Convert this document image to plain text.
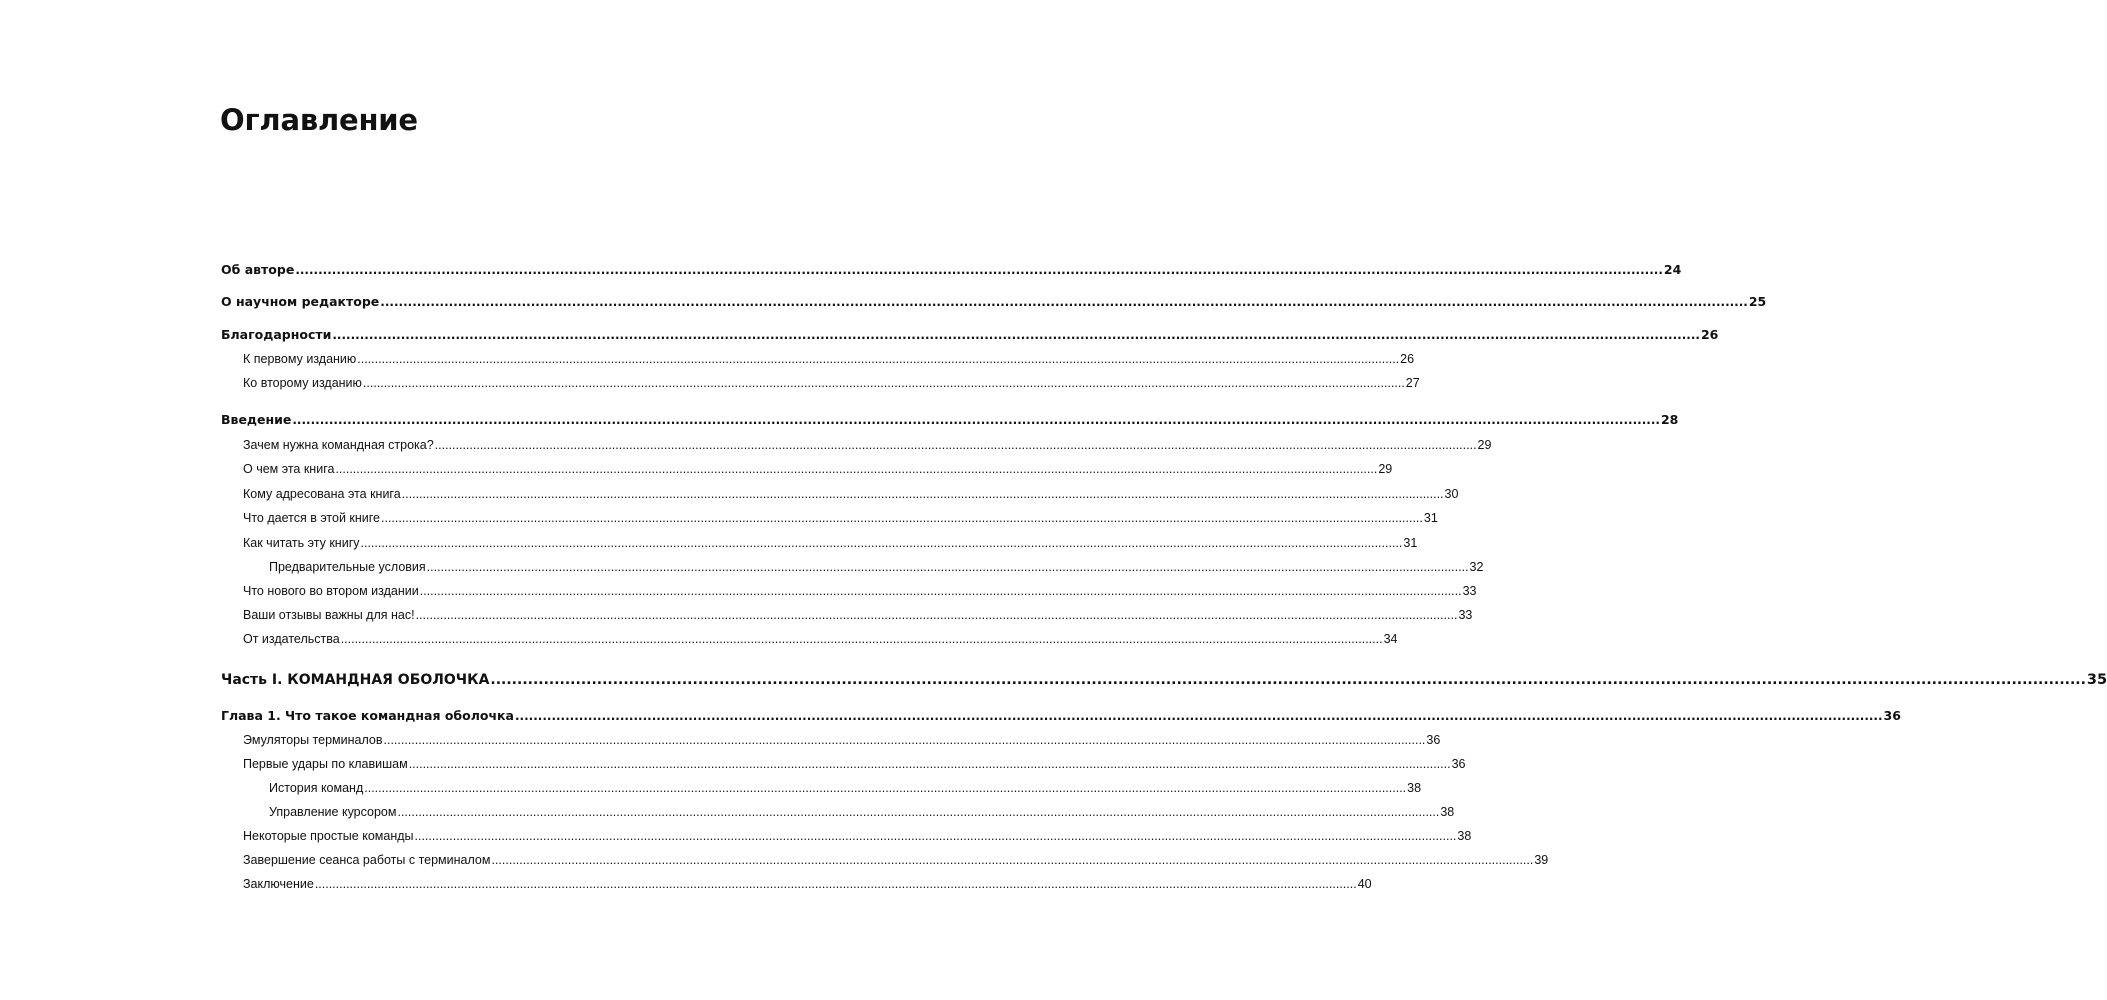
Оглавление
Об авторе ............................................................................................................................................................................................................................................................................................................ 24
О научном редакторе ............................................................................................................................................................................................................................................................................................................ 25
Благодарности ............................................................................................................................................................................................................................................................................................................ 26
К первому изданию ............................................................................................................................................................................................................................................................................................................ 26
Ко второму изданию ............................................................................................................................................................................................................................................................................................................ 27
Введение ............................................................................................................................................................................................................................................................................................................ 28
Зачем нужна командная строка? ............................................................................................................................................................................................................................................................................................................ 29
О чем эта книга ............................................................................................................................................................................................................................................................................................................ 29
Кому адресована эта книга ............................................................................................................................................................................................................................................................................................................ 30
Что дается в этой книге ............................................................................................................................................................................................................................................................................................................ 31
Как читать эту книгу ............................................................................................................................................................................................................................................................................................................ 31
Предварительные условия ............................................................................................................................................................................................................................................................................................................ 32
Что нового во втором издании ............................................................................................................................................................................................................................................................................................................ 33
Ваши отзывы важны для нас! ............................................................................................................................................................................................................................................................................................................ 33
От издательства ............................................................................................................................................................................................................................................................................................................ 34
Часть I. КОМАНДНАЯ ОБОЛОЧКА ............................................................................................................................................................................................................................................................................................................ 35
Глава 1. Что такое командная оболочка ............................................................................................................................................................................................................................................................................................................ 36
Эмуляторы терминалов ............................................................................................................................................................................................................................................................................................................ 36
Первые удары по клавишам ............................................................................................................................................................................................................................................................................................................ 36
История команд ............................................................................................................................................................................................................................................................................................................ 38
Управление курсором ............................................................................................................................................................................................................................................................................................................ 38
Некоторые простые команды ............................................................................................................................................................................................................................................................................................................ 38
Завершение сеанса работы с терминалом ............................................................................................................................................................................................................................................................................................................ 39
Заключение ............................................................................................................................................................................................................................................................................................................ 40
